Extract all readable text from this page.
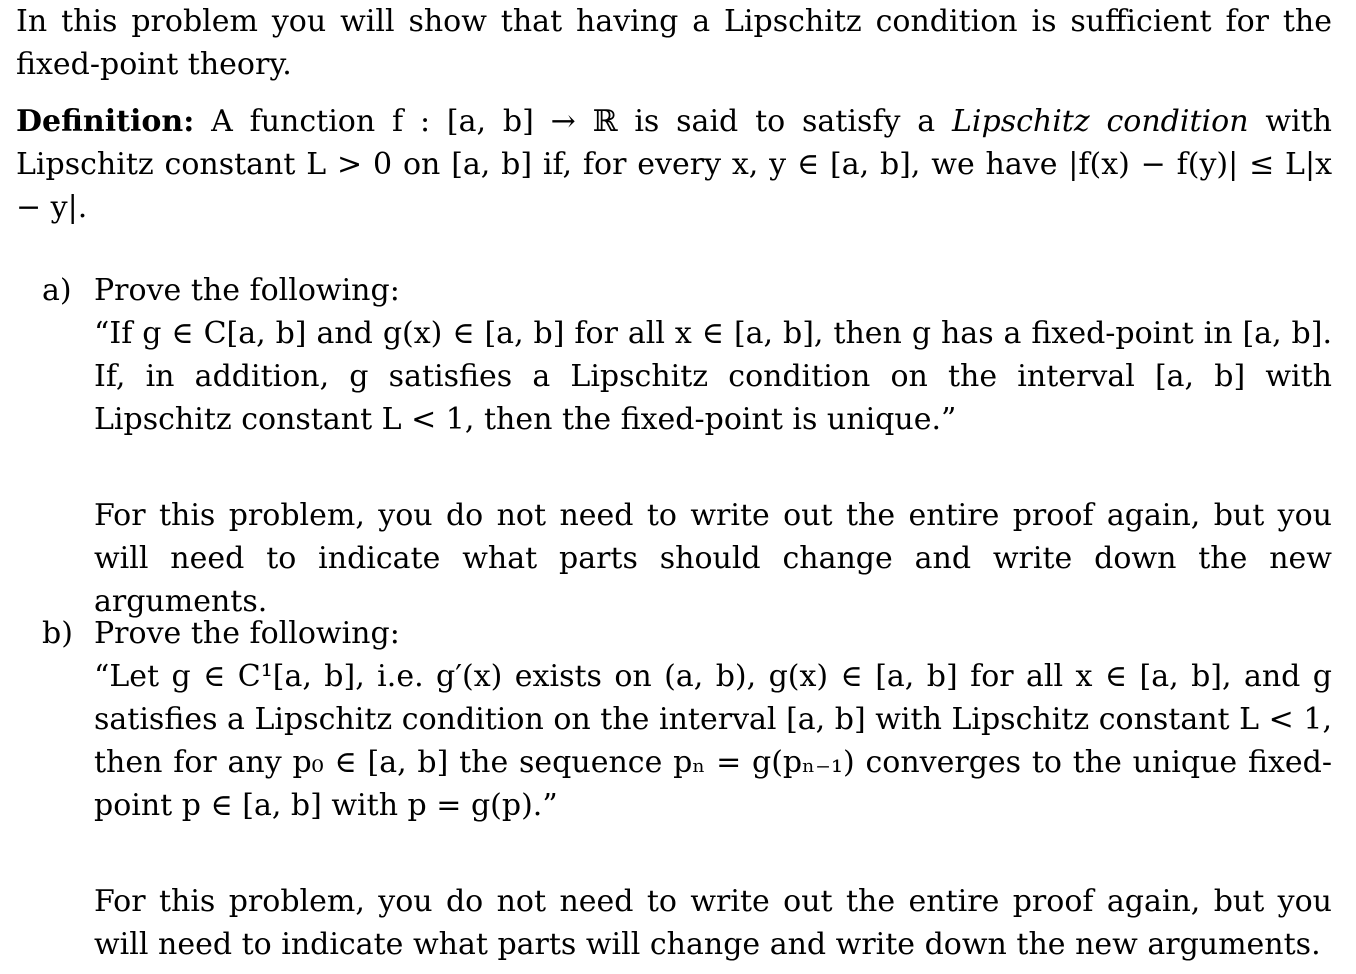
In this problem you will show that having a Lipschitz condition is sufficient for the fixed-point theory.

Definition: A function f : [a, b] → ℝ is said to satisfy a Lipschitz condition with Lipschitz constant L > 0 on [a, b] if, for every x, y ∈ [a, b], we have |f(x) − f(y)| ≤ L|x − y|.

a) Prove the following:

“If g ∈ C[a, b] and g(x) ∈ [a, b] for all x ∈ [a, b], then g has a fixed-point in [a, b]. If, in addition, g satisfies a Lipschitz condition on the interval [a, b] with Lipschitz constant L < 1, then the fixed-point is unique.”

For this problem, you do not need to write out the entire proof again, but you will need to indicate what parts should change and write down the new arguments.

b) Prove the following:

“Let g ∈ C¹[a, b], i.e. g′(x) exists on (a, b), g(x) ∈ [a, b] for all x ∈ [a, b], and g satisfies a Lipschitz condition on the interval [a, b] with Lipschitz constant L < 1, then for any p₀ ∈ [a, b] the sequence pₙ = g(pₙ₋₁) converges to the unique fixed-point p ∈ [a, b] with p = g(p).”

For this problem, you do not need to write out the entire proof again, but you will need to indicate what parts will change and write down the new arguments.
